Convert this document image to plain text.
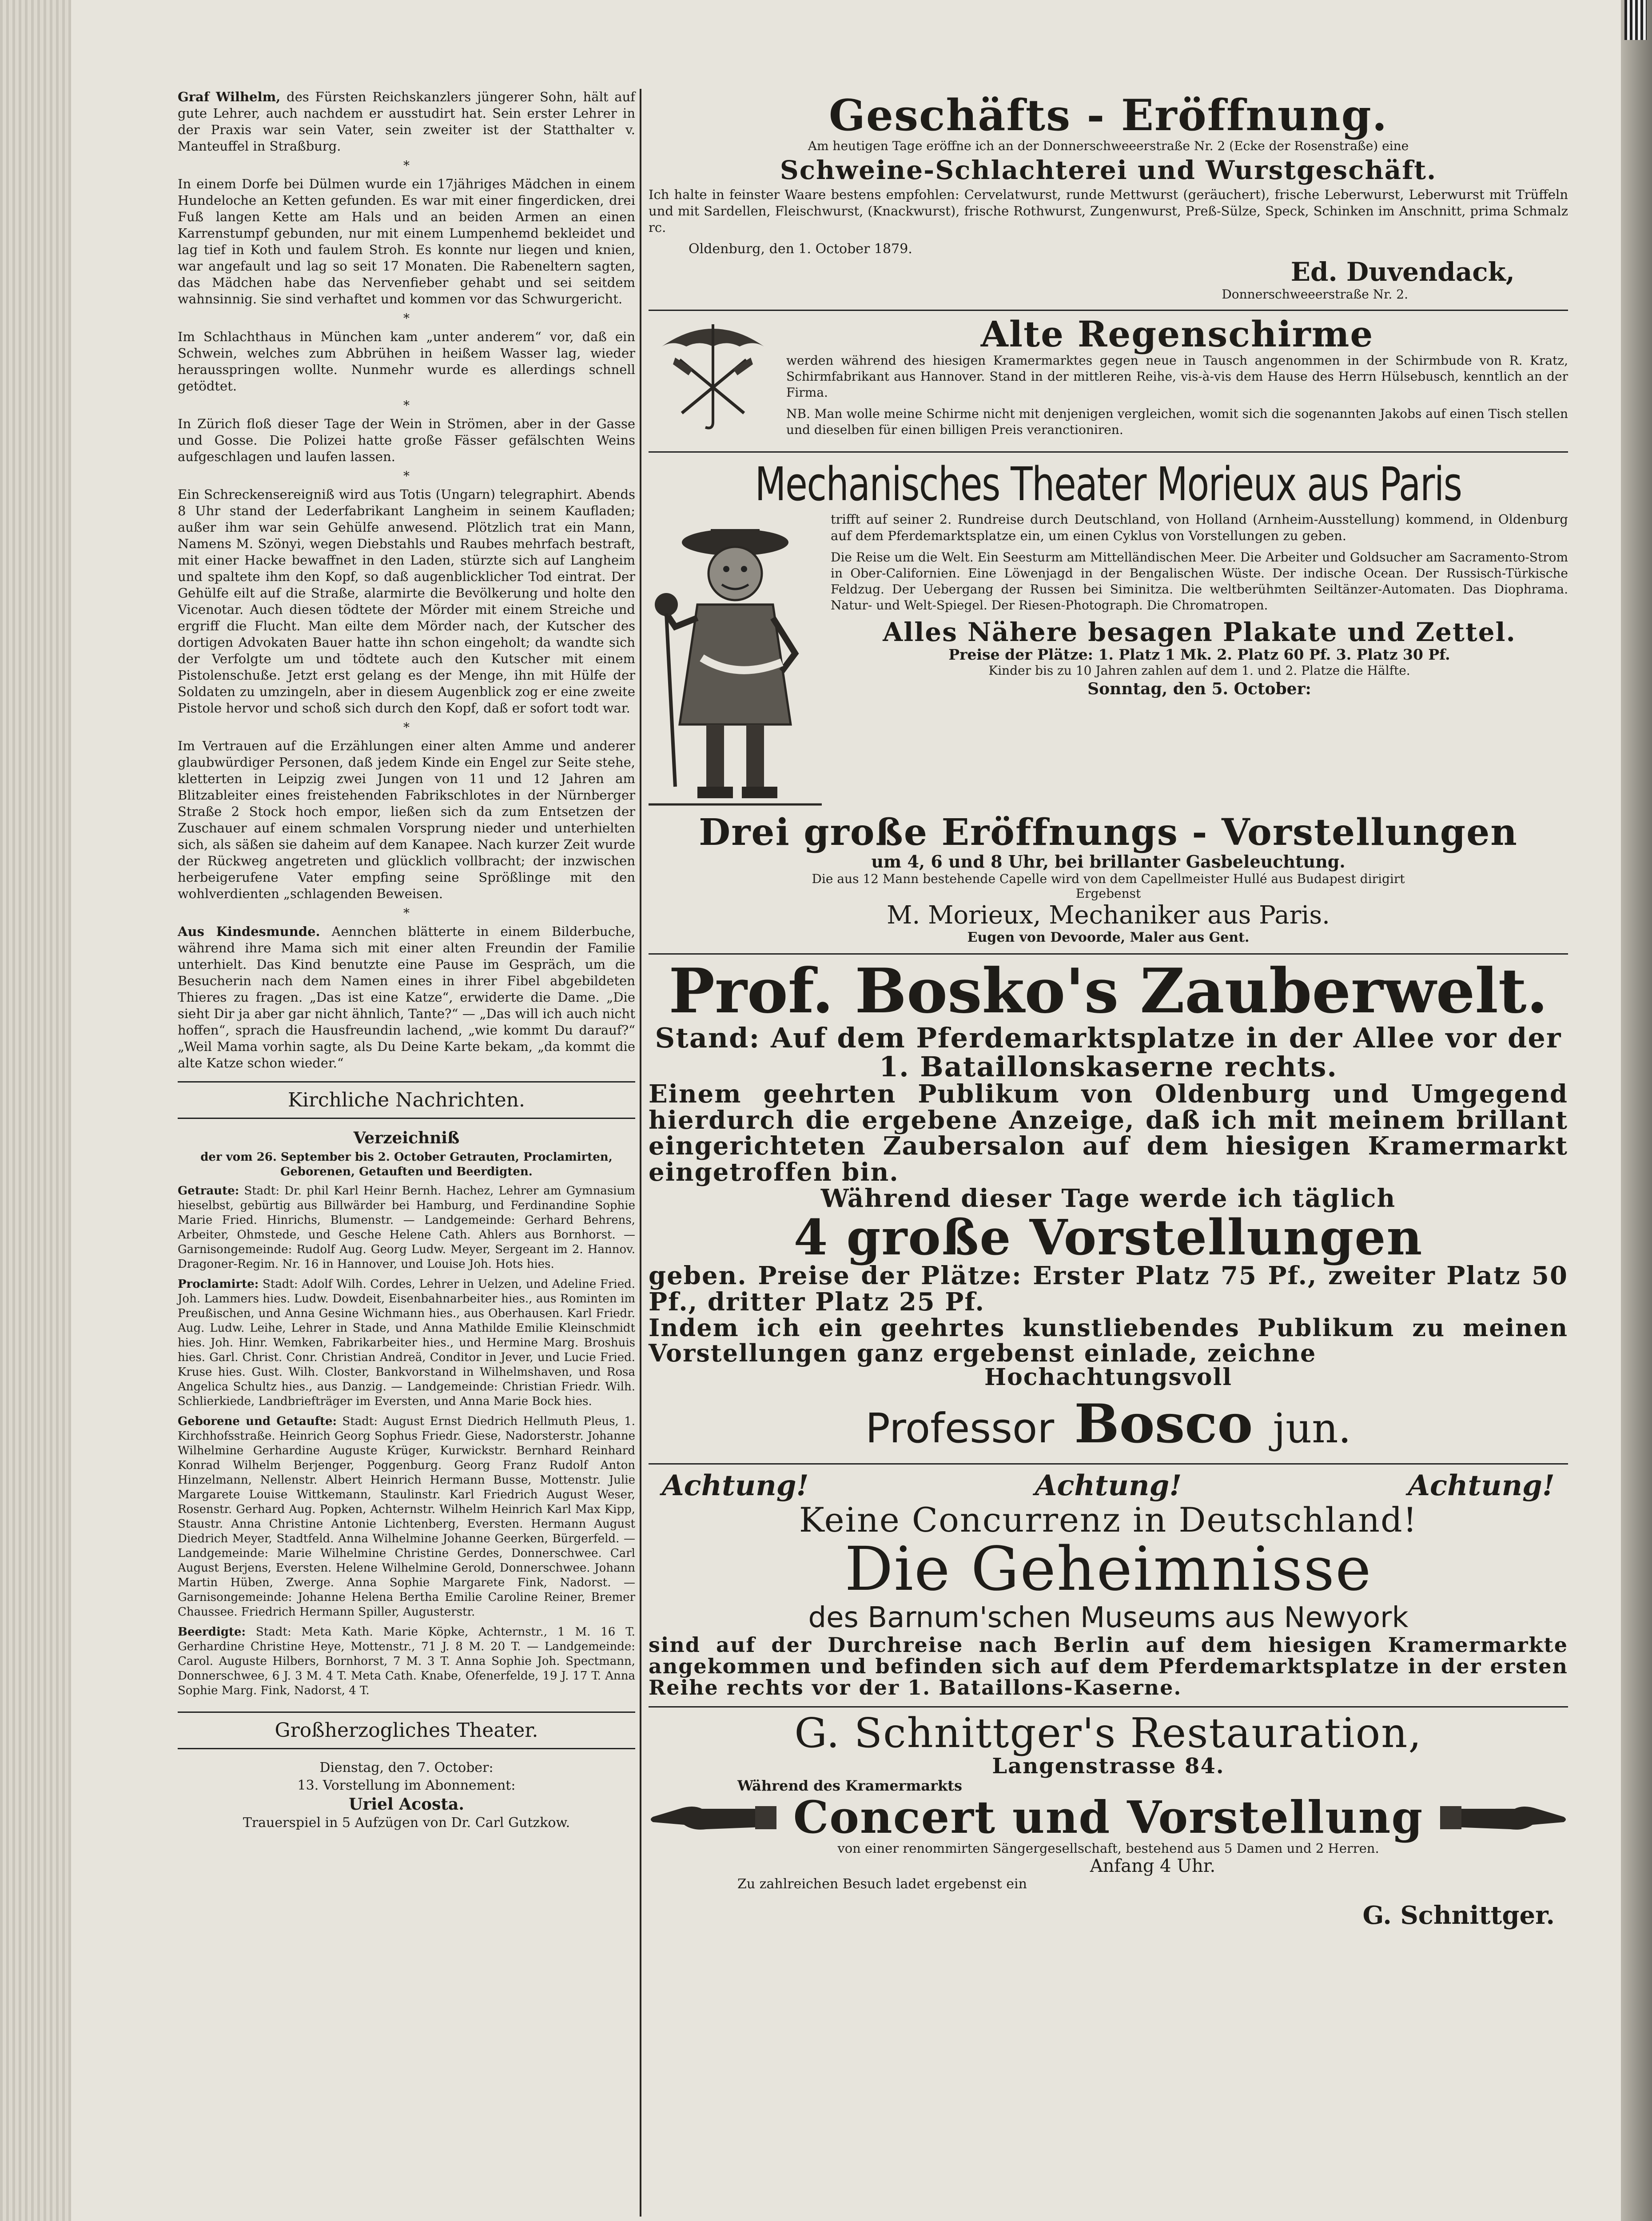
Graf Wilhelm, des Fürsten Reichskanzlers jüngerer Sohn, hält auf gute Lehrer, auch nachdem er ausstudirt hat. Sein erster Lehrer in der Praxis war sein Vater, sein zweiter ist der Statthalter v. Manteuffel in Straßburg.

*

In einem Dorfe bei Dülmen wurde ein 17jähriges Mädchen in einem Hundeloche an Ketten gefunden. Es war mit einer fingerdicken, drei Fuß langen Kette am Hals und an beiden Armen an einen Karrenstumpf gebunden, nur mit einem Lumpenhemd bekleidet und lag tief in Koth und faulem Stroh. Es konnte nur liegen und knien, war angefault und lag so seit 17 Monaten. Die Rabeneltern sagten, das Mädchen habe das Nervenfieber gehabt und sei seitdem wahnsinnig. Sie sind verhaftet und kommen vor das Schwurgericht.

*

Im Schlachthaus in München kam „unter anderem“ vor, daß ein Schwein, welches zum Abbrühen in heißem Wasser lag, wieder herausspringen wollte. Nunmehr wurde es allerdings schnell getödtet.

*

In Zürich floß dieser Tage der Wein in Strömen, aber in der Gasse und Gosse. Die Polizei hatte große Fässer gefälschten Weins aufgeschlagen und laufen lassen.

*

Ein Schreckensereigniß wird aus Totis (Ungarn) telegraphirt. Abends 8 Uhr stand der Lederfabrikant Langheim in seinem Kaufladen; außer ihm war sein Gehülfe anwesend. Plötzlich trat ein Mann, Namens M. Szönyi, wegen Diebstahls und Raubes mehrfach bestraft, mit einer Hacke bewaffnet in den Laden, stürzte sich auf Langheim und spaltete ihm den Kopf, so daß augenblicklicher Tod eintrat. Der Gehülfe eilt auf die Straße, alarmirte die Bevölkerung und holte den Vicenotar. Auch diesen tödtete der Mörder mit einem Streiche und ergriff die Flucht. Man eilte dem Mörder nach, der Kutscher des dortigen Advokaten Bauer hatte ihn schon eingeholt; da wandte sich der Verfolgte um und tödtete auch den Kutscher mit einem Pistolenschuße. Jetzt erst gelang es der Menge, ihn mit Hülfe der Soldaten zu umzingeln, aber in diesem Augenblick zog er eine zweite Pistole hervor und schoß sich durch den Kopf, daß er sofort todt war.

*

Im Vertrauen auf die Erzählungen einer alten Amme und anderer glaubwürdiger Personen, daß jedem Kinde ein Engel zur Seite stehe, kletterten in Leipzig zwei Jungen von 11 und 12 Jahren am Blitzableiter eines freistehenden Fabrikschlotes in der Nürnberger Straße 2 Stock hoch empor, ließen sich da zum Entsetzen der Zuschauer auf einem schmalen Vorsprung nieder und unterhielten sich, als säßen sie daheim auf dem Kanapee. Nach kurzer Zeit wurde der Rückweg angetreten und glücklich vollbracht; der inzwischen herbeigerufene Vater empfing seine Sprößlinge mit den wohlverdienten „schlagenden Beweisen.

*

Aus Kindesmunde. Aennchen blätterte in einem Bilderbuche, während ihre Mama sich mit einer alten Freundin der Familie unterhielt. Das Kind benutzte eine Pause im Gespräch, um die Besucherin nach dem Namen eines in ihrer Fibel abgebildeten Thieres zu fragen. „Das ist eine Katze“, erwiderte die Dame. „Die sieht Dir ja aber gar nicht ähnlich, Tante?“ — „Das will ich auch nicht hoffen“, sprach die Hausfreundin lachend, „wie kommt Du darauf?“ „Weil Mama vorhin sagte, als Du Deine Karte bekam, „da kommt die alte Katze schon wieder.“

Kirchliche Nachrichten.
Verzeichniß
der vom 26. September bis 2. October Getrauten, Proclamirten, Geborenen, Getauften und Beerdigten.

Getraute: Stadt: Dr. phil Karl Heinr Bernh. Hachez, Lehrer am Gymnasium hieselbst, gebürtig aus Billwärder bei Hamburg, und Ferdinandine Sophie Marie Fried. Hinrichs, Blumenstr. — Landgemeinde: Gerhard Behrens, Arbeiter, Ohmstede, und Gesche Helene Cath. Ahlers aus Bornhorst. — Garnisongemeinde: Rudolf Aug. Georg Ludw. Meyer, Sergeant im 2. Hannov. Dragoner-Regim. Nr. 16 in Hannover, und Louise Joh. Hots hies.

Proclamirte: Stadt: Adolf Wilh. Cordes, Lehrer in Uelzen, und Adeline Fried. Joh. Lammers hies. Ludw. Dowdeit, Eisenbahnarbeiter hies., aus Rominten im Preußischen, und Anna Gesine Wichmann hies., aus Oberhausen. Karl Friedr. Aug. Ludw. Leihe, Lehrer in Stade, und Anna Mathilde Emilie Kleinschmidt hies. Joh. Hinr. Wemken, Fabrikarbeiter hies., und Hermine Marg. Broshuis hies. Garl. Christ. Conr. Christian Andreä, Conditor in Jever, und Lucie Fried. Kruse hies. Gust. Wilh. Closter, Bankvorstand in Wilhelmshaven, und Rosa Angelica Schultz hies., aus Danzig. — Landgemeinde: Christian Friedr. Wilh. Schlierkiede, Landbriefträger im Eversten, und Anna Marie Bock hies.

Geborene und Getaufte: Stadt: August Ernst Diedrich Hellmuth Pleus, 1. Kirchhofsstraße. Heinrich Georg Sophus Friedr. Giese, Nadorsterstr. Johanne Wilhelmine Gerhardine Auguste Krüger, Kurwickstr. Bernhard Reinhard Konrad Wilhelm Berjenger, Poggenburg. Georg Franz Rudolf Anton Hinzelmann, Nellenstr. Albert Heinrich Hermann Busse, Mottenstr. Julie Margarete Louise Wittkemann, Staulinstr. Karl Friedrich August Weser, Rosenstr. Gerhard Aug. Popken, Achternstr. Wilhelm Heinrich Karl Max Kipp, Staustr. Anna Christine Antonie Lichtenberg, Eversten. Hermann August Diedrich Meyer, Stadtfeld. Anna Wilhelmine Johanne Geerken, Bürgerfeld. — Landgemeinde: Marie Wilhelmine Christine Gerdes, Donnerschwee. Carl August Berjens, Eversten. Helene Wilhelmine Gerold, Donnerschwee. Johann Martin Hüben, Zwerge. Anna Sophie Margarete Fink, Nadorst. — Garnisongemeinde: Johanne Helena Bertha Emilie Caroline Reiner, Bremer Chaussee. Friedrich Hermann Spiller, Augusterstr.

Beerdigte: Stadt: Meta Kath. Marie Köpke, Achternstr., 1 M. 16 T. Gerhardine Christine Heye, Mottenstr., 71 J. 8 M. 20 T. — Landgemeinde: Carol. Auguste Hilbers, Bornhorst, 7 M. 3 T. Anna Sophie Joh. Spectmann, Donnerschwee, 6 J. 3 M. 4 T. Meta Cath. Knabe, Ofenerfelde, 19 J. 17 T. Anna Sophie Marg. Fink, Nadorst, 4 T.

Großherzogliches Theater.
Dienstag, den 7. October:
13. Vorstellung im Abonnement:
Uriel Acosta.
Trauerspiel in 5 Aufzügen von Dr. Carl Gutzkow.
Geschäfts - Eröffnung.
Am heutigen Tage eröffne ich an der Donnerschweeerstraße Nr. 2 (Ecke der Rosenstraße) eine
Schweine-Schlachterei und Wurstgeschäft.

Ich halte in feinster Waare bestens empfohlen: Cervelatwurst, runde Mettwurst (geräuchert), frische Leberwurst, Leberwurst mit Trüffeln und mit Sardellen, Fleischwurst, (Knackwurst), frische Rothwurst, Zungenwurst, Preß-Sülze, Speck, Schinken im Anschnitt, prima Schmalz rc.

Oldenburg, den 1. October 1879.
Ed. Duvendack,
Donnerschweeerstraße Nr. 2.
Alte Regenschirme

werden während des hiesigen Kramermarktes gegen neue in Tausch angenommen in der Schirmbude von R. Kratz, Schirmfabrikant aus Hannover. Stand in der mittleren Reihe, vis-à-vis dem Hause des Herrn Hülsebusch, kenntlich an der Firma.

NB. Man wolle meine Schirme nicht mit denjenigen vergleichen, womit sich die sogenannten Jakobs auf einen Tisch stellen und dieselben für einen billigen Preis veranctioniren.

Mechanisches Theater Morieux aus Paris

trifft auf seiner 2. Rundreise durch Deutschland, von Holland (Arnheim-Ausstellung) kommend, in Oldenburg auf dem Pferdemarktsplatze ein, um einen Cyklus von Vorstellungen zu geben.

Die Reise um die Welt. Ein Seesturm am Mittelländischen Meer. Die Arbeiter und Goldsucher am Sacramento-Strom in Ober-Californien. Eine Löwenjagd in der Bengalischen Wüste. Der indische Ocean. Der Russisch-Türkische Feldzug. Der Uebergang der Russen bei Siminitza. Die weltberühmten Seiltänzer-Automaten. Das Diophrama. Natur- und Welt-Spiegel. Der Riesen-Photograph. Die Chromatropen.

Alles Nähere besagen Plakate und Zettel.
Preise der Plätze: 1. Platz 1 Mk. 2. Platz 60 Pf. 3. Platz 30 Pf.
Kinder bis zu 10 Jahren zahlen auf dem 1. und 2. Platze die Hälfte.
Sonntag, den 5. October:
Drei große Eröffnungs - Vorstellungen
um 4, 6 und 8 Uhr, bei brillanter Gasbeleuchtung.
Die aus 12 Mann bestehende Capelle wird von dem Capellmeister Hullé aus Budapest dirigirt
Ergebenst
M. Morieux, Mechaniker aus Paris.
Eugen von Devoorde, Maler aus Gent.
Prof. Bosko's Zauberwelt.
Stand: Auf dem Pferdemarktsplatze in der Allee vor der 1. Bataillonskaserne rechts.
Einem geehrten Publikum von Oldenburg und Umgegend hierdurch die ergebene Anzeige, daß ich mit meinem brillant eingerichteten Zaubersalon auf dem hiesigen Kramermarkt eingetroffen bin.
Während dieser Tage werde ich täglich
4 große Vorstellungen
geben. Preise der Plätze: Erster Platz 75 Pf., zweiter Platz 50 Pf., dritter Platz 25 Pf.
Indem ich ein geehrtes kunstliebendes Publikum zu meinen Vorstellungen ganz ergebenst einlade, zeichne
Hochachtungsvoll
Professor Bosco jun.
Achtung!	Achtung!	Achtung!
Keine Concurrenz in Deutschland!
Die Geheimnisse
des Barnum'schen Museums aus Newyork
sind auf der Durchreise nach Berlin auf dem hiesigen Kramermarkte angekommen und befinden sich auf dem Pferdemarktsplatze in der ersten Reihe rechts vor der 1. Bataillons-Kaserne.
G. Schnittger's Restauration,
Langenstrasse 84.
Während des Kramermarkts
Concert und Vorstellung
von einer renommirten Sängergesellschaft, bestehend aus 5 Damen und 2 Herren.
Anfang 4 Uhr.
Zu zahlreichen Besuch ladet ergebenst ein
G. Schnittger.
